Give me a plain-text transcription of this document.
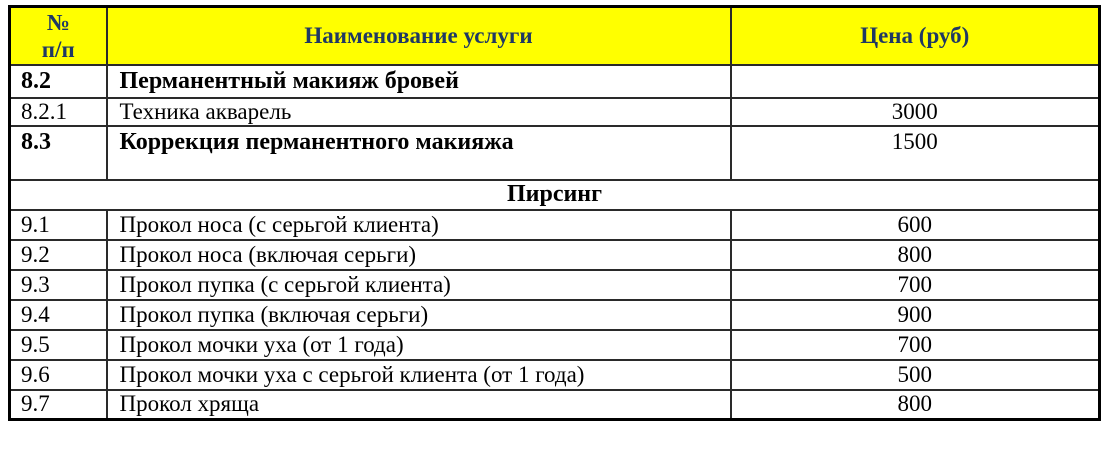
№
п/п	Наименование услуги	Цена (руб)
8.2	Перманентный макияж бровей	
8.2.1	Техника акварель	3000
8.3	Коррекция перманентного макияжа	1500
Пирсинг		
9.1	Прокол носа (с серьгой клиента)	600
9.2	Прокол носа (включая серьги)	800
9.3	Прокол пупка (с серьгой клиента)	700
9.4	Прокол пупка (включая серьги)	900
9.5	Прокол мочки уха (от 1 года)	700
9.6	Прокол мочки уха с серьгой клиента (от 1 года)	500
9.7	Прокол хряща	800
